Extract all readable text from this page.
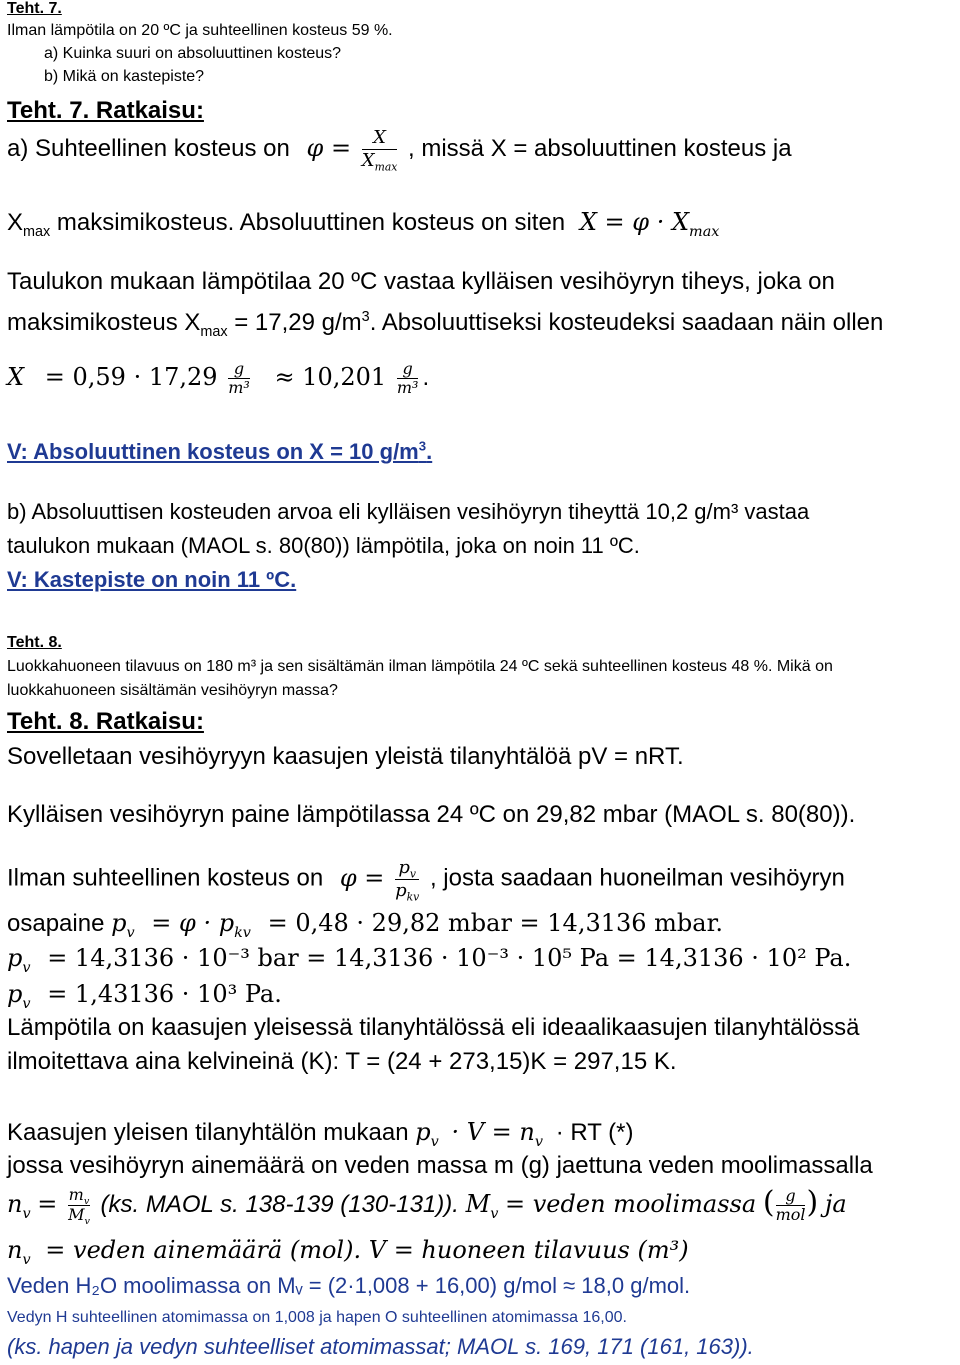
Teht. 7.
Ilman lämpötila on 20 ºC ja suhteellinen kosteus 59 %.
a) Kuinka suuri on absoluuttinen kosteus?
b) Mikä on kastepiste?
Teht. 7. Ratkaisu:
a) Suhteellinen kosteus on $\varphi = \frac{X}{X_{max}}$ , missä X = absoluuttinen kosteus ja
$X_{max}$ maksimikosteus. Absoluuttinen kosteus on siten $X = \varphi \cdot X_{max}$
Taulukon mukaan lämpötilaa 20 ºC vastaa kylläisen vesihöyryn tiheys, joka on
maksimikosteus $X_{max} = 17,29$ $g/m^3$. Absoluuttiseksi kosteudeksi saadaan näin ollen
$X = 0,59 \cdot 17,29 \frac{g}{\text{m³}} \approx 10,201 \frac{g}{\text{m³}}$ .
V: Absoluuttinen kosteus on X = 10 $g/m^3$.
b) Absoluuttisen kosteuden arvoa eli kylläisen vesihöyryn tiheyttä 10,2 g/m³ vastaa
taulukon mukaan (MAOL s. 80(80)) lämpötila, joka on noin 11 ºC.
V: Kastepiste on noin 11 ºC.
Teht. 8.
Luokkahuoneen tilavuus on 180 m³ ja sen sisältämän ilman lämpötila 24 ºC sekä suhteellinen kosteus 48 %. Mikä on
luokkahuoneen sisältämän vesihöyryn massa?
Teht. 8. Ratkaisu:
Sovelletaan vesihöyryyn kaasujen yleistä tilanyhtälöä pV = nRT.
Kylläisen vesihöyryn paine lämpötilassa 24 ºC on 29,82 mbar (MAOL s. 80(80)).
Ilman suhteellinen kosteus on $\varphi = \frac{p_v}{p_{kv}}$ , josta saadaan huoneilman vesihöyryn
osapaine $p_v = \varphi \cdot p_{kv} = 0,48 \cdot 29,82$ mbar = 14,3136 mbar.
$p_v = 14,3136 \cdot 10^{-3}$ bar = 14,3136 · 10⁻³ · 10⁵ Pa = 14,3136 · 10² Pa.
$p_v = 1,43136 \cdot 10^3$ Pa.
Lämpötila on kaasujen yleisessä tilanyhtälössä eli ideaalikaasujen tilanyhtälössä
ilmoitettava aina kelvineinä (K): T = (24 + 273,15)K = 297,15 K.
Kaasujen yleisen tilanyhtälön mukaan $p_v \cdot V = n_v$ · RT (*)
jossa vesihöyryn ainemäärä on veden massa m (g) jaettuna veden moolimassalla
$n_v = \frac{m_v}{M_v} (ks$. MAOL s. 138-139 (130-131)). $M_v$ = veden moolimassa ( $\frac{g}{\text{mol}}$ ) ja
$n_v$ = veden ainemäärä (mol). V = huoneen tilavuus (m³)
Veden H₂O moolimassa on Mᵥ = (2·1,008 + 16,00) g/mol ≈ 18,0 g/mol.
Vedyn H suhteellinen atomimassa on 1,008 ja hapen O suhteellinen atomimassa 16,00.
(ks. hapen ja vedyn suhteelliset atomimassat; MAOL s. 169, 171 (161, 163)).
